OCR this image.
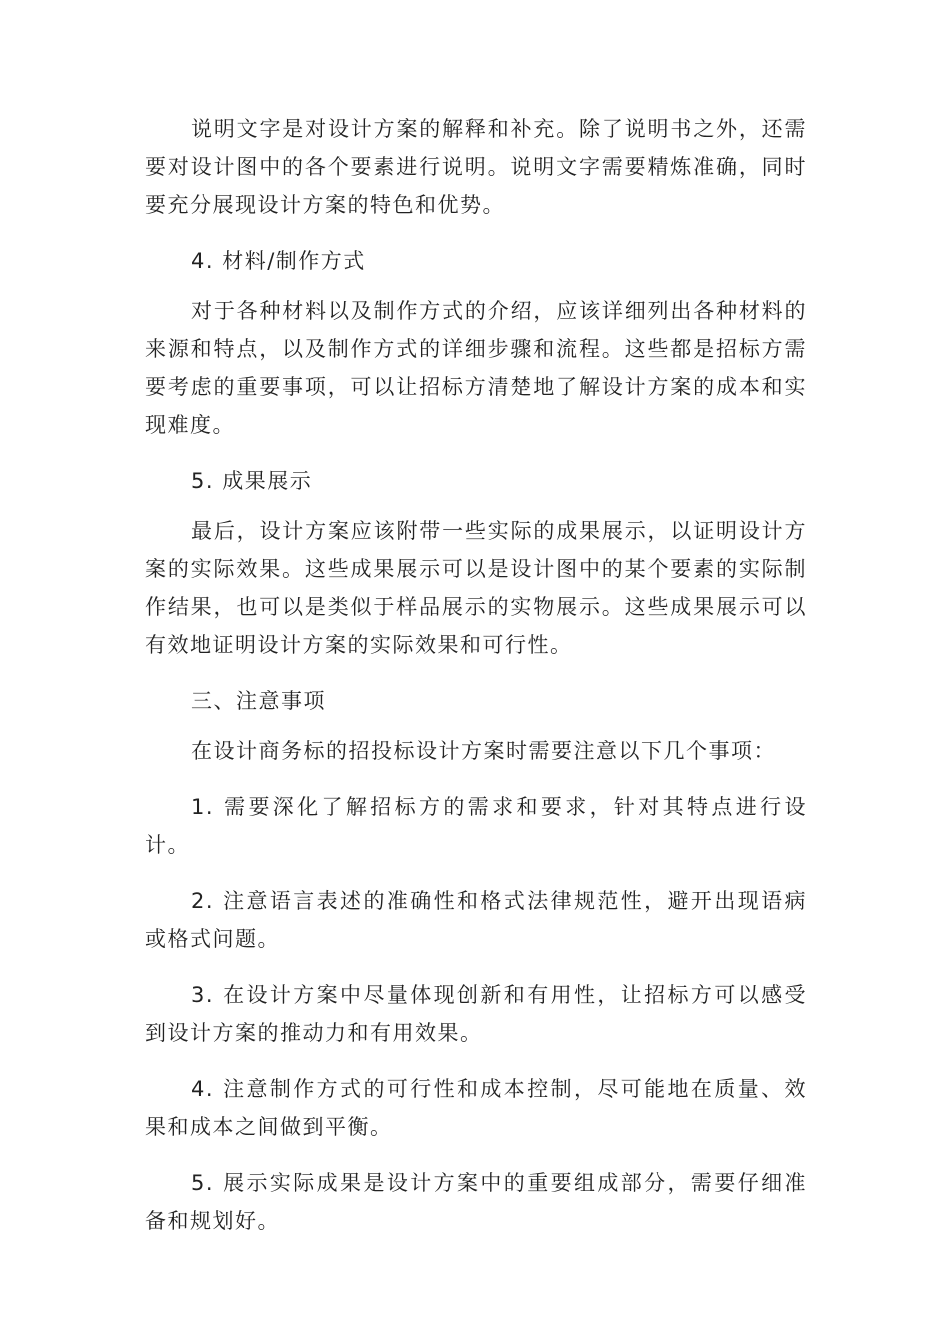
说明文字是对设计方案的解释和补充。除了说明书之外，还需要对设计图中的各个要素进行说明。说明文字需要精炼准确，同时要充分展现设计方案的特色和优势。

4. 材料/制作方式

对于各种材料以及制作方式的介绍，应该详细列出各种材料的来源和特点，以及制作方式的详细步骤和流程。这些都是招标方需要考虑的重要事项，可以让招标方清楚地了解设计方案的成本和实现难度。

5. 成果展示

最后，设计方案应该附带一些实际的成果展示，以证明设计方案的实际效果。这些成果展示可以是设计图中的某个要素的实际制作结果，也可以是类似于样品展示的实物展示。这些成果展示可以有效地证明设计方案的实际效果和可行性。

三、注意事项

在设计商务标的招投标设计方案时需要注意以下几个事项：

1. 需要深化了解招标方的需求和要求，针对其特点进行设计。

2. 注意语言表述的准确性和格式法律规范性，避开出现语病或格式问题。

3. 在设计方案中尽量体现创新和有用性，让招标方可以感受到设计方案的推动力和有用效果。

4. 注意制作方式的可行性和成本控制，尽可能地在质量、效果和成本之间做到平衡。

5. 展示实际成果是设计方案中的重要组成部分，需要仔细准备和规划好。
